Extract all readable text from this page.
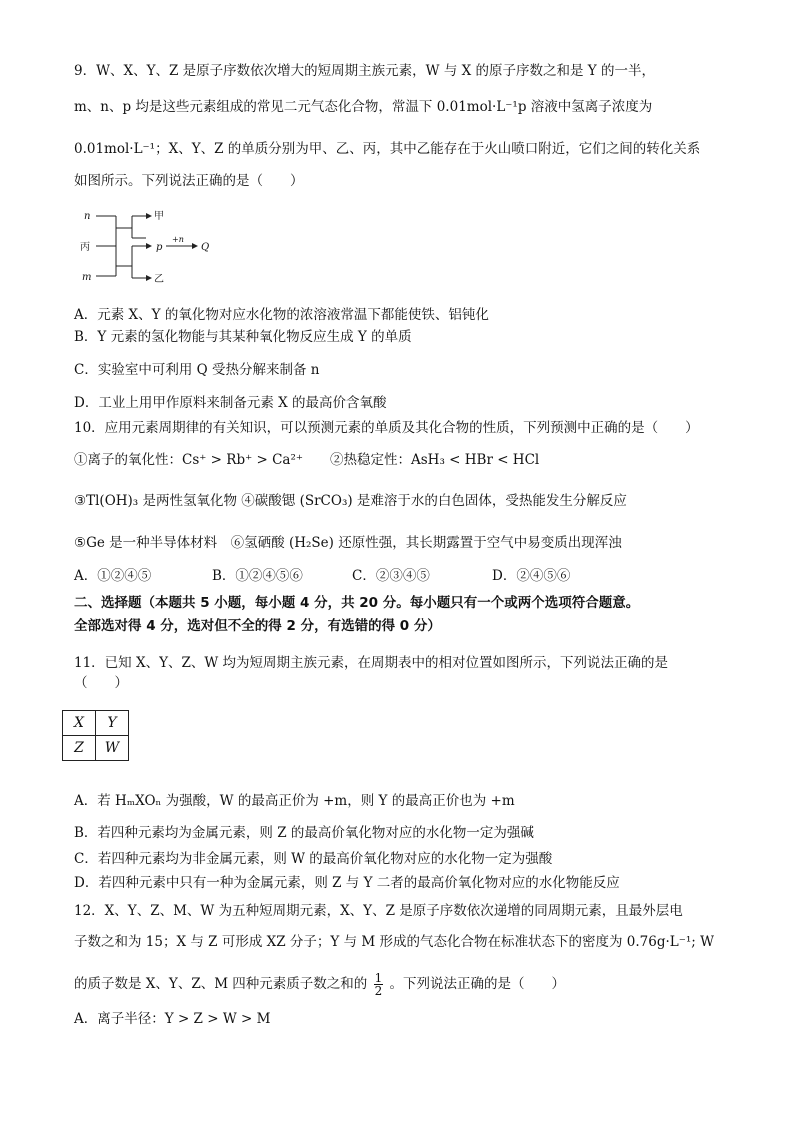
9．W、X、Y、Z 是原子序数依次增大的短周期主族元素，W 与 X 的原子序数之和是 Y 的一半，
m、n、p 均是这些元素组成的常见二元气态化合物，常温下 0.01mol·L⁻¹p 溶液中氢离子浓度为
0.01mol·L⁻¹；X、Y、Z 的单质分别为甲、乙、丙，其中乙能存在于火山喷口附近，它们之间的转化关系
如图所示。下列说法正确的是（　　）
n	甲
丙	p
+n
Q
m	乙
A．元素 X、Y 的氧化物对应水化物的浓溶液常温下都能使铁、铝钝化
B．Y 元素的氢化物能与其某种氧化物反应生成 Y 的单质
C．实验室中可利用 Q 受热分解来制备 n
D．工业上用甲作原料来制备元素 X 的最高价含氧酸
10．应用元素周期律的有关知识，可以预测元素的单质及其化合物的性质，下列预测中正确的是（　　）
①离子的氧化性：Cs⁺ > Rb⁺ > Ca²⁺ ②热稳定性：AsH₃ < HBr < HCl
③Tl(OH)₃ 是两性氢氧化物 ④碳酸锶 (SrCO₃) 是难溶于水的白色固体，受热能发生分解反应
⑤Ge 是一种半导体材料　⑥氢硒酸 (H₂Se) 还原性强，其长期露置于空气中易变质出现浑浊
A．①②④⑤	B．①②④⑤⑥	C．②③④⑤	D．②④⑤⑥
二、选择题（本题共 5 小题，每小题 4 分，共 20 分。每小题只有一个或两个选项符合题意。
全部选对得 4 分，选对但不全的得 2 分，有选错的得 0 分）
11．已知 X、Y、Z、W 均为短周期主族元素，在周期表中的相对位置如图所示，下列说法正确的是
（　　）
X	Y
Z	W
A．若 HₘXOₙ 为强酸，W 的最高正价为 +m，则 Y 的最高正价也为 +m
B．若四种元素均为金属元素，则 Z 的最高价氧化物对应的水化物一定为强碱
C．若四种元素均为非金属元素，则 W 的最高价氧化物对应的水化物一定为强酸
D．若四种元素中只有一种为金属元素，则 Z 与 Y 二者的最高价氧化物对应的水化物能反应
12．X、Y、Z、M、W 为五种短周期元素，X、Y、Z 是原子序数依次递增的同周期元素，且最外层电
子数之和为 15；X 与 Z 可形成 XZ 分子；Y 与 M 形成的气态化合物在标准状态下的密度为 0.76g·L⁻¹; W
的质子数是 X、Y、Z、M 四种元素质子数之和的 $\frac{1}{2}$ 。下列说法正确的是（　　）
A．离子半径：Y > Z > W > M
